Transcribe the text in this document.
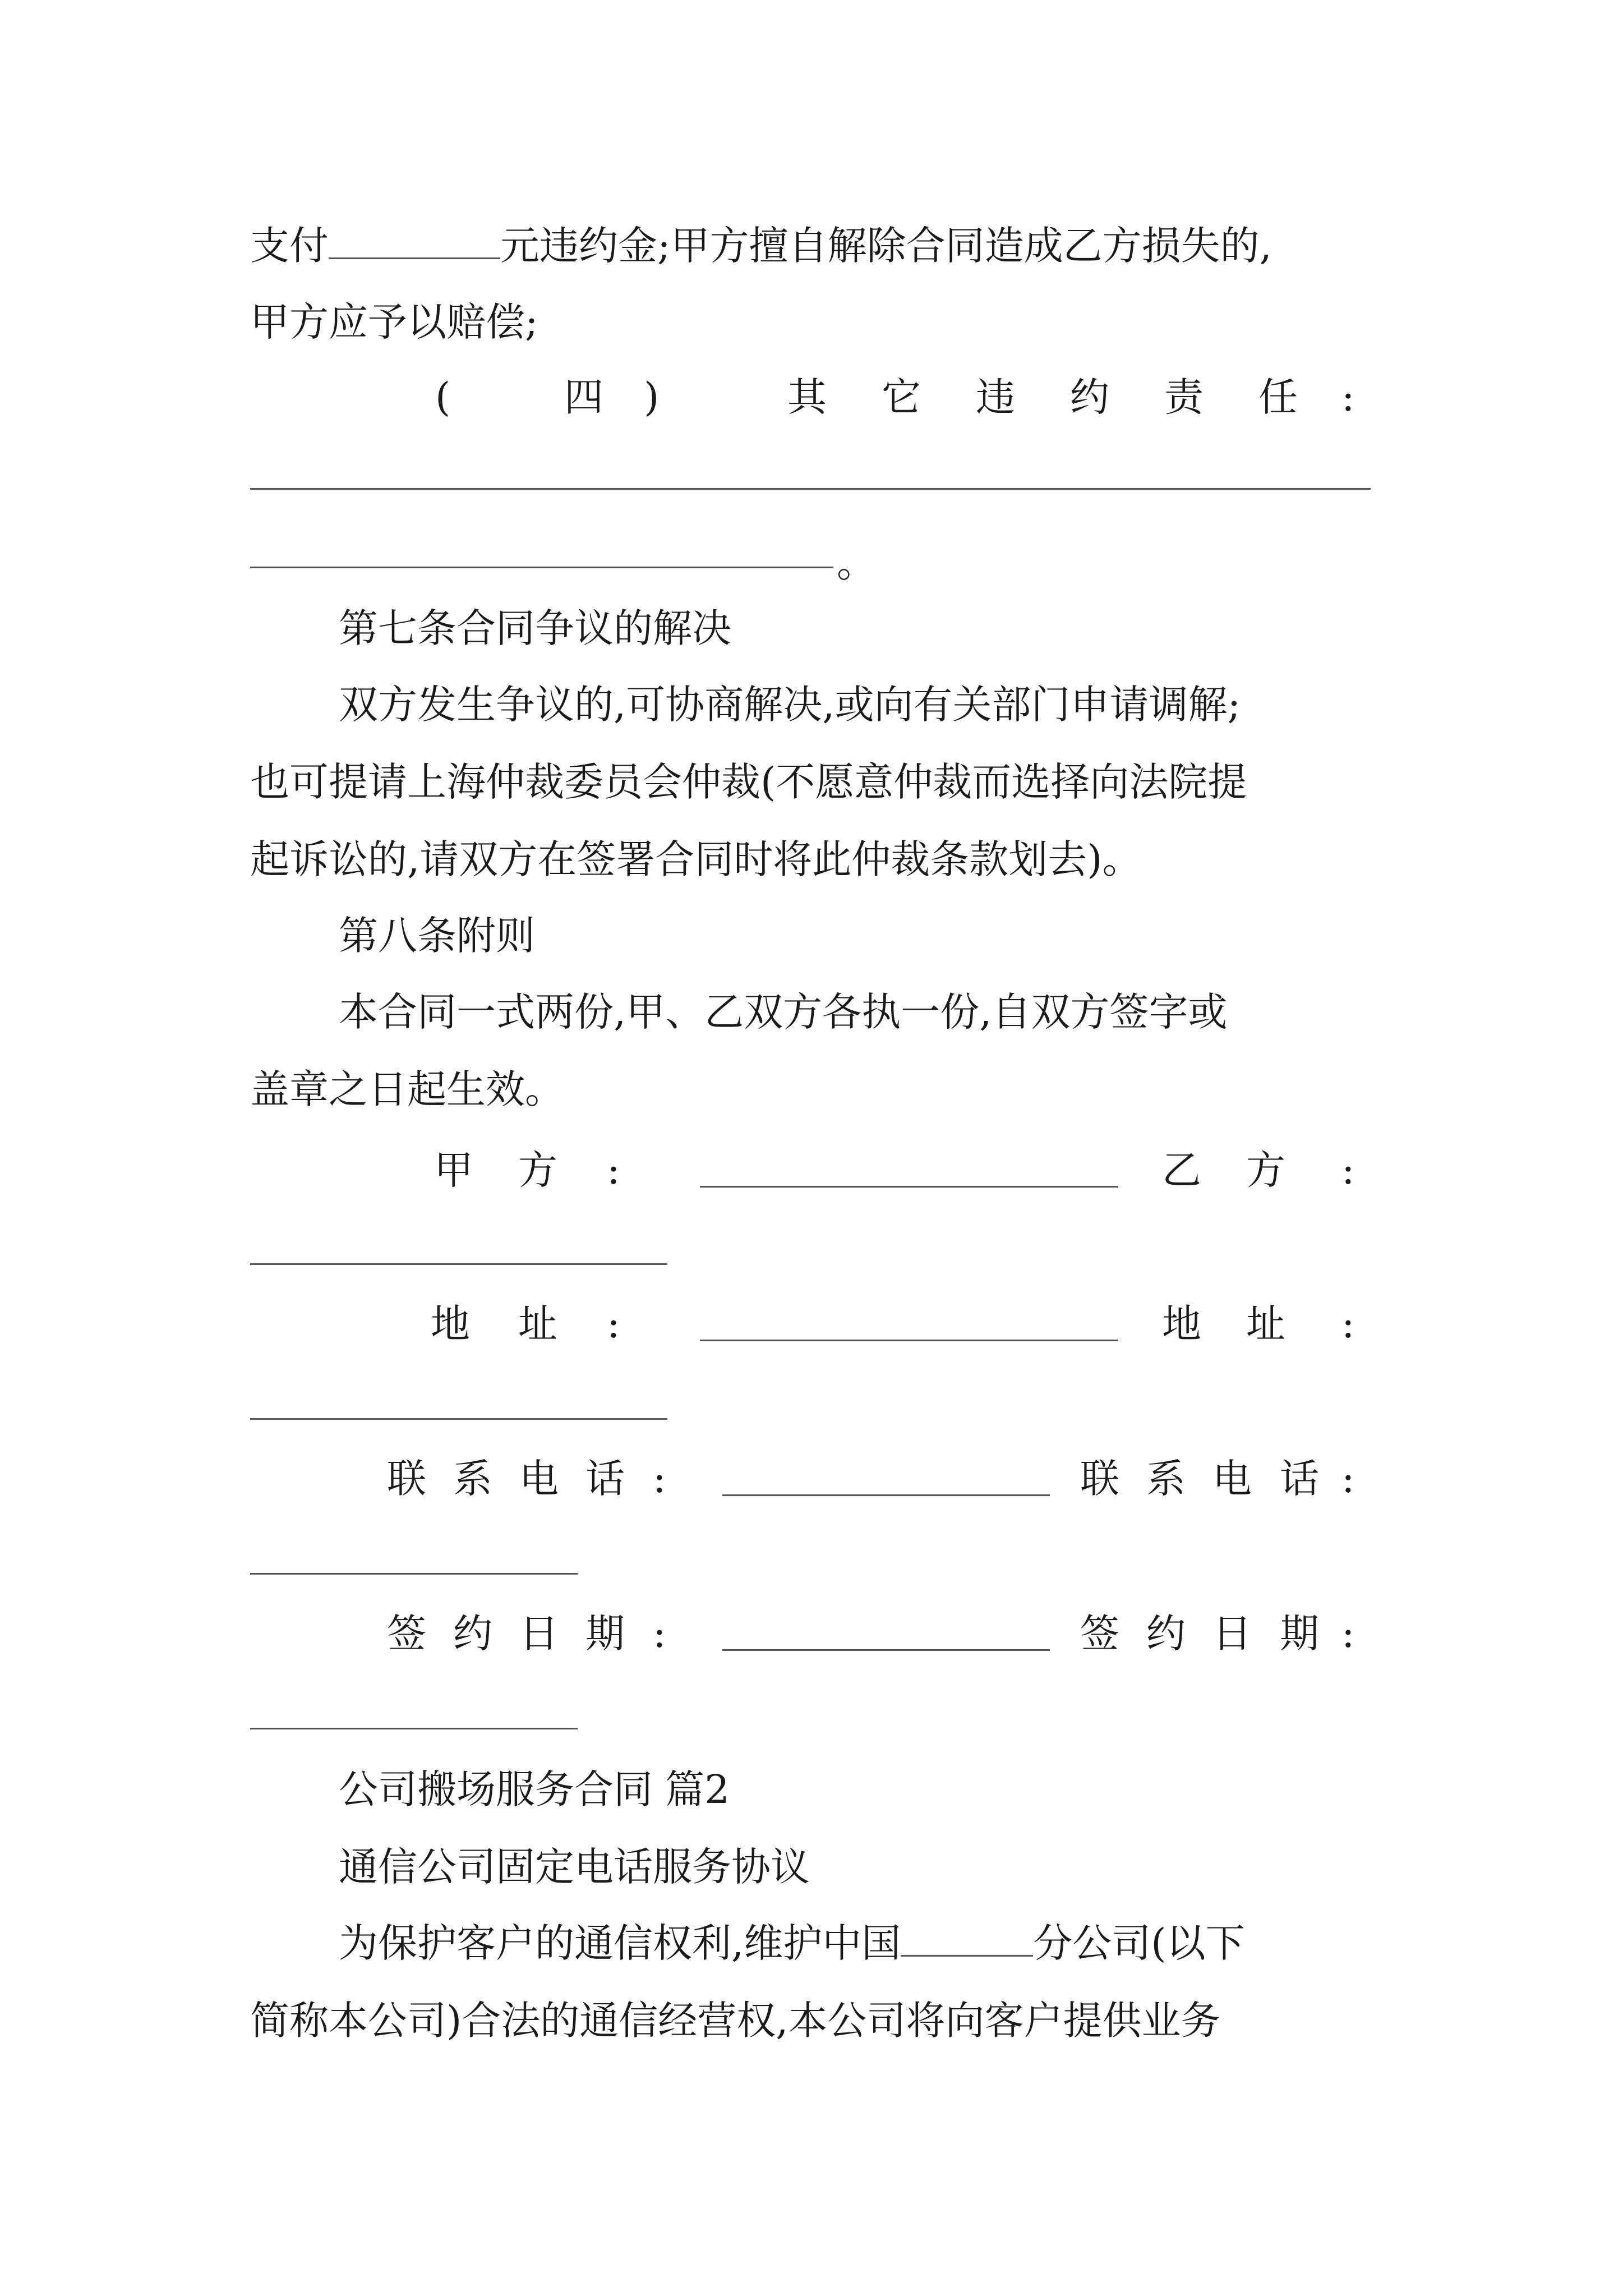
支付	元违约金;甲方擅自解除合同造成乙方损失的,
甲方应予以赔偿;
(	四 )	其 它 违 约 责 任 :
。
第七条合同争议的解决
双方发生争议的,可协商解决,或向有关部门申请调解;
也可提请上海仲裁委员会仲裁(不愿意仲裁而选择向法院提
起诉讼的,请双方在签署合同时将此仲裁条款划去)。
第八条附则
本合同一式两份,甲、乙双方各执一份,自双方签字或
盖章之日起生效。
甲 方 :	乙 方 :
地 址 :	地 址 :
联 系 电 话 :	联 系 电 话 :
签 约 日 期 :	签 约 日 期 :
公司搬场服务合同 篇2
通信公司固定电话服务协议
为保护客户的通信权利,维护中国	分公司(以下
简称本公司)合法的通信经营权,本公司将向客户提供业务
